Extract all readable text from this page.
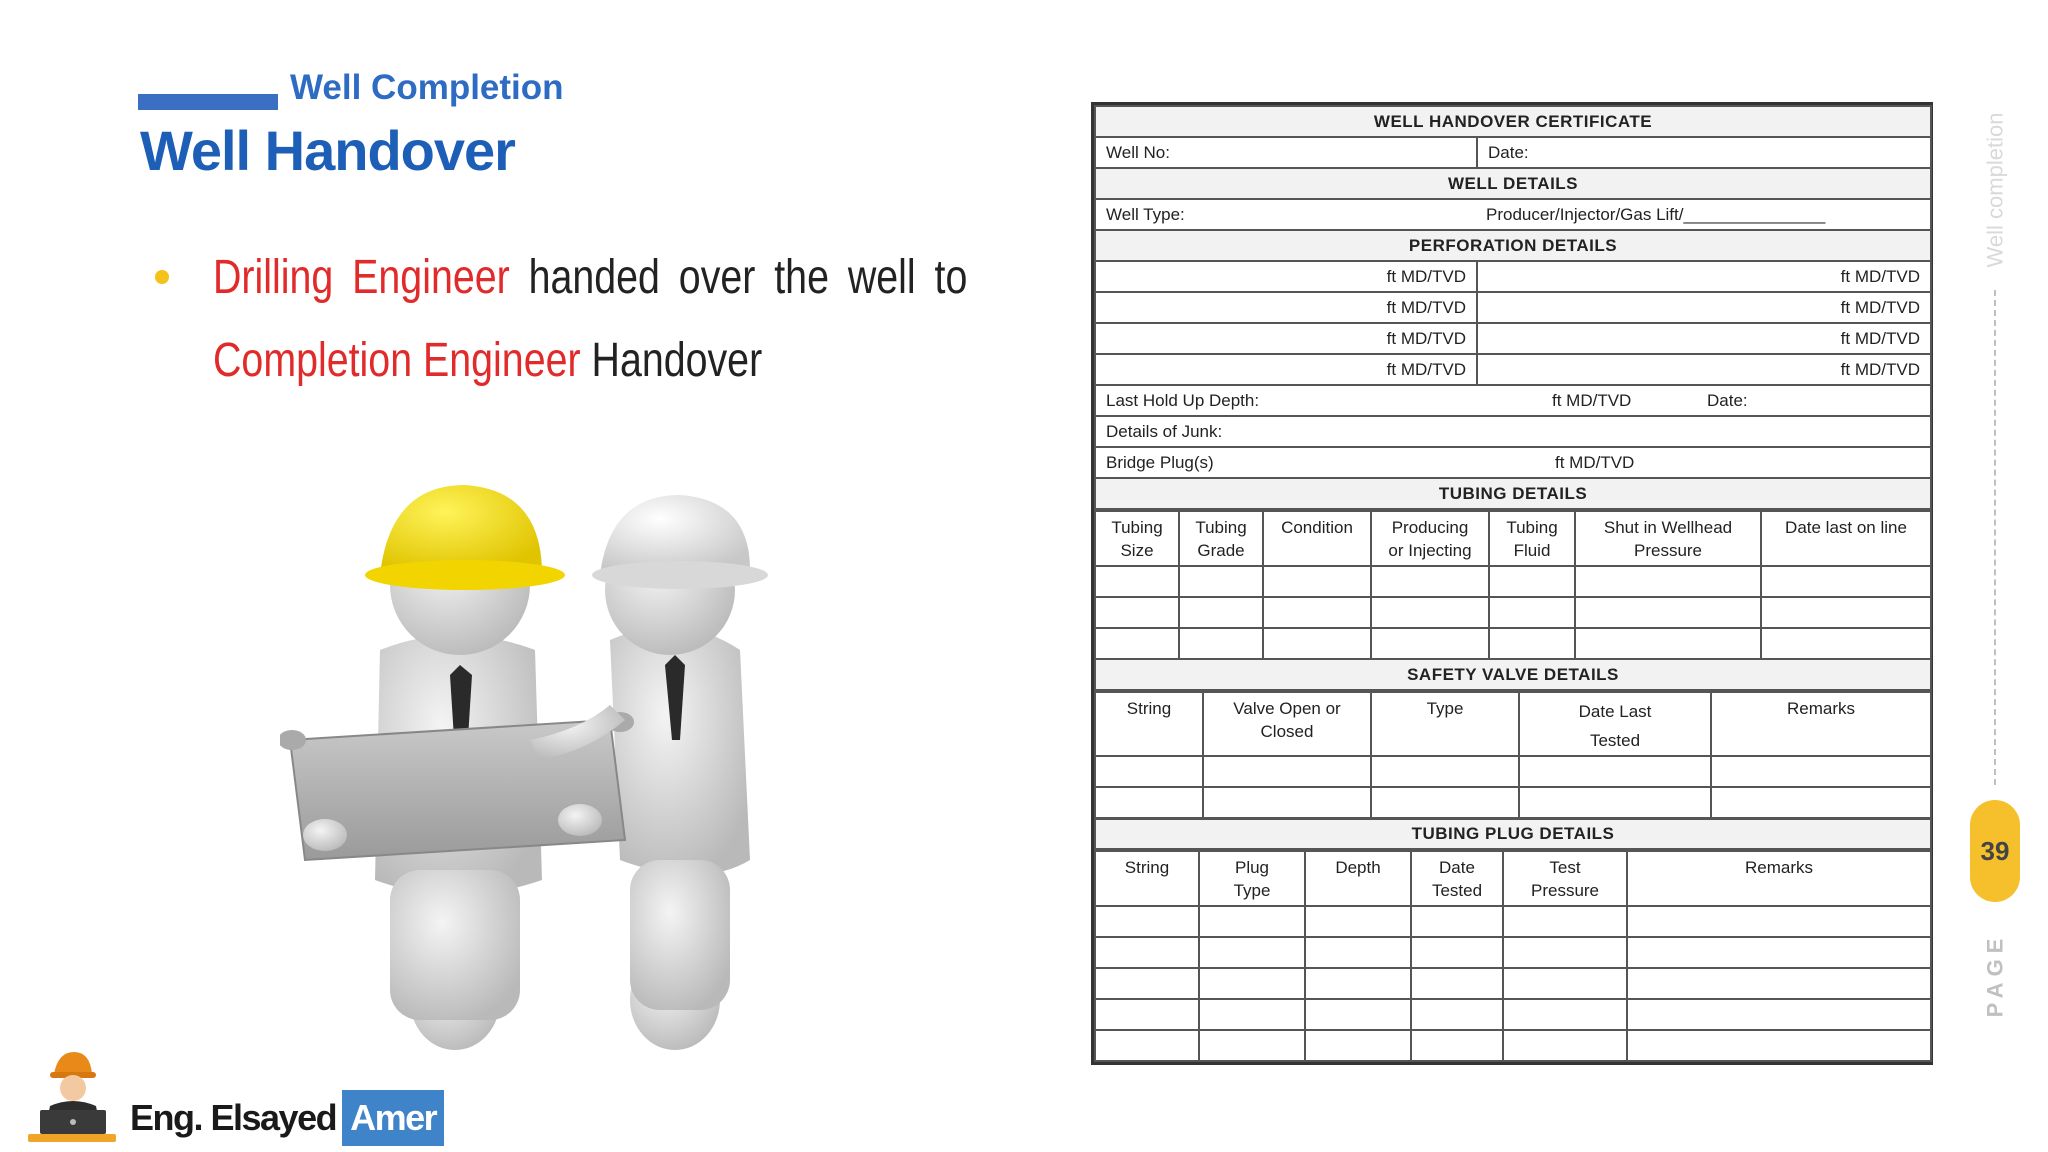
Well Completion
Well Handover
Drilling Engineer handed over the well to
Completion Engineer Handover
Eng. Elsayed Amer
Well completion
39
PAGE
WELL HANDOVER CERTIFICATE	
Well No:	Date:
WELL DETAILS	
Well Type: Producer/Injector/Gas Lift/_______________	
PERFORATION DETAILS	
ft MD/TVD	ft MD/TVD
ft MD/TVD	ft MD/TVD
ft MD/TVD	ft MD/TVD
ft MD/TVD	ft MD/TVD
Last Hold Up Depth: ft MD/TVD Date:	
Details of Junk:	
Bridge Plug(s) ft MD/TVD	
TUBING DETAILS	
Tubing Size	Tubing Grade	Condition	Producing or Injecting	Tubing Fluid	Shut in Wellhead Pressure	Date last on line

SAFETY VALVE DETAILS						
String	Valve Open or Closed	Type	Date Last Tested	Remarks

TUBING PLUG DETAILS				
String	Plug Type	Depth	Date Tested	Test Pressure	Remarks
